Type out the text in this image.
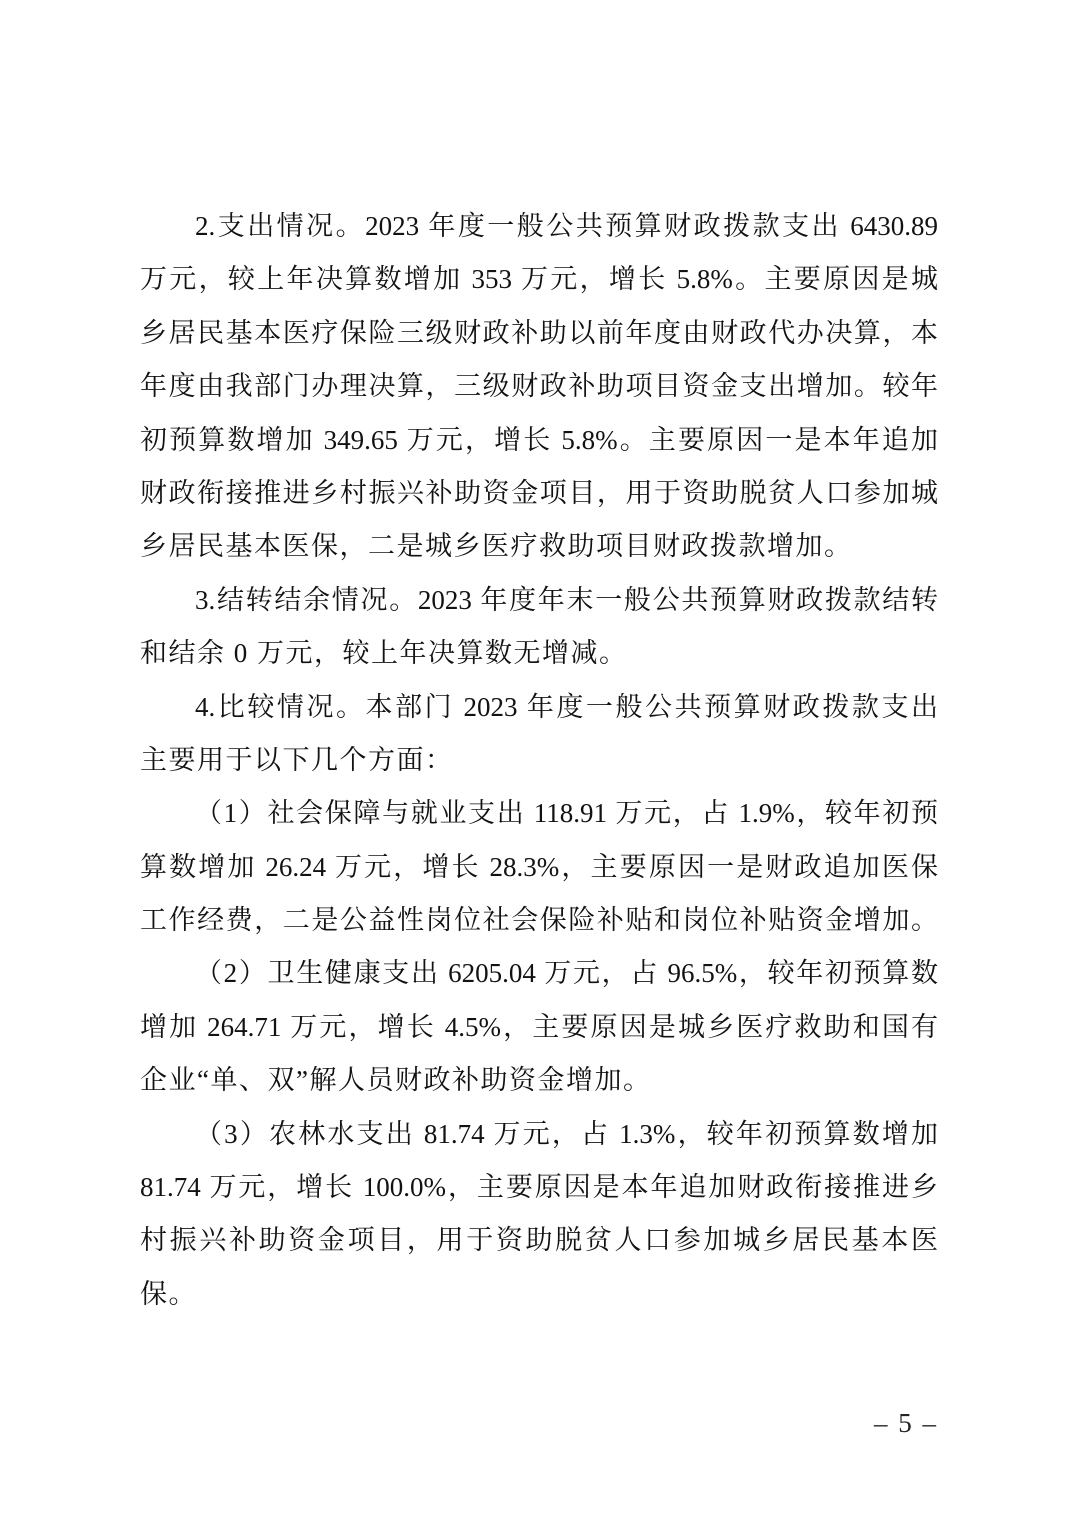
2.支出情况。2023 年度一般公共预算财政拨款支出 6430.89
万元，较上年决算数增加 353 万元，增长 5.8%。主要原因是城
乡居民基本医疗保险三级财政补助以前年度由财政代办决算，本
年度由我部门办理决算，三级财政补助项目资金支出增加。较年
初预算数增加 349.65 万元，增长 5.8%。主要原因一是本年追加
财政衔接推进乡村振兴补助资金项目，用于资助脱贫人口参加城
乡居民基本医保，二是城乡医疗救助项目财政拨款增加。
3.结转结余情况。2023 年度年末一般公共预算财政拨款结转
和结余 0 万元，较上年决算数无增减。
4.比较情况。本部门 2023 年度一般公共预算财政拨款支出
主要用于以下几个方面：
（1）社会保障与就业支出 118.91 万元，占 1.9%，较年初预
算数增加 26.24 万元，增长 28.3%，主要原因一是财政追加医保
工作经费，二是公益性岗位社会保险补贴和岗位补贴资金增加。
（2）卫生健康支出 6205.04 万元，占 96.5%，较年初预算数
增加 264.71 万元，增长 4.5%，主要原因是城乡医疗救助和国有
企业“单、双”解人员财政补助资金增加。
（3）农林水支出 81.74 万元，占 1.3%，较年初预算数增加
81.74 万元，增长 100.0%，主要原因是本年追加财政衔接推进乡
村振兴补助资金项目，用于资助脱贫人口参加城乡居民基本医
保。
– 5 –
